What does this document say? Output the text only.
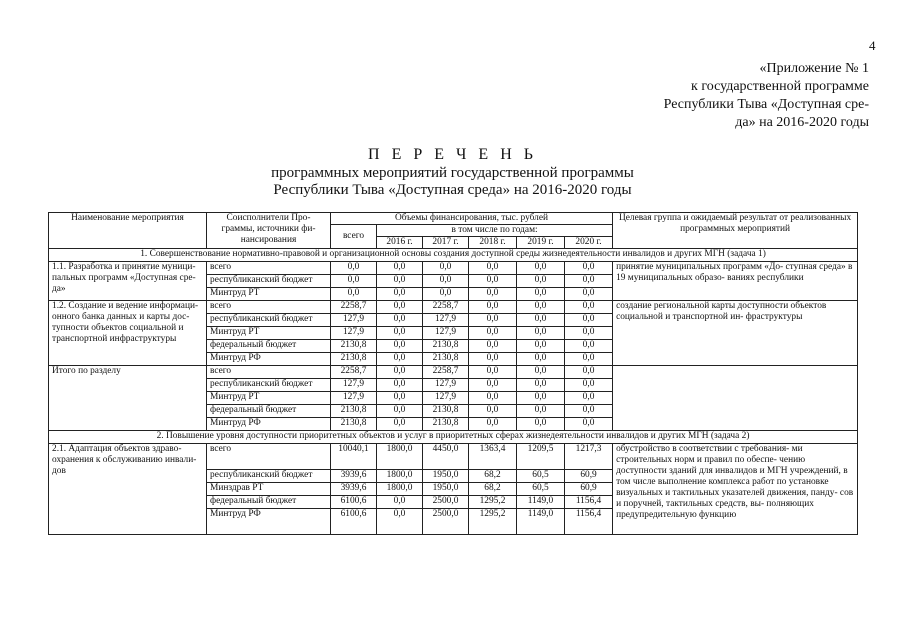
4
«Приложение № 1
к государственной программе
Республики Тыва «Доступная сре-
да» на 2016-2020 годы
П Е Р Е Ч Е Н Ь
программных мероприятий государственной программы
Республики Тыва «Доступная среда» на 2016-2020 годы
Наименование мероприятия	Соисполнители Про- граммы, источники фи- нансирования	Объемы финансирования, тыс. рублей						Целевая группа и ожидаемый результат от реализованных программных мероприятий
		всего	в том числе по годам:					
			2016 г.	2017 г.	2018 г.	2019 г.	2020 г.	
1. Совершенствование нормативно-правовой и организационной основы создания доступной среды жизнедеятельности инвалидов и других МГН (задача 1)								
1.1. Разработка и принятие муници- пальных программ «Доступная сре- да»	всего	0,0	0,0	0,0	0,0	0,0	0,0	принятие муниципальных программ «До- ступная среда» в 19 муниципальных образо- ваниях республики
	республиканский бюджет	0,0	0,0	0,0	0,0	0,0	0,0	
	Минтруд РТ	0,0	0,0	0,0	0,0	0,0	0,0	
1.2. Создание и ведение информаци- онного банка данных и карты дос- тупности объектов социальной и транспортной инфраструктуры	всего	2258,7	0,0	2258,7	0,0	0,0	0,0	создание региональной карты доступности объектов социальной и транспортной ин- фраструктуры
	республиканский бюджет	127,9	0,0	127,9	0,0	0,0	0,0	
	Минтруд РТ	127,9	0,0	127,9	0,0	0,0	0,0	
	федеральный бюджет	2130,8	0,0	2130,8	0,0	0,0	0,0	
	Минтруд РФ	2130,8	0,0	2130,8	0,0	0,0	0,0	
Итого по разделу	всего	2258,7	0,0	2258,7	0,0	0,0	0,0	
	республиканский бюджет	127,9	0,0	127,9	0,0	0,0	0,0	
	Минтруд РТ	127,9	0,0	127,9	0,0	0,0	0,0	
	федеральный бюджет	2130,8	0,0	2130,8	0,0	0,0	0,0	
	Минтруд РФ	2130,8	0,0	2130,8	0,0	0,0	0,0	
2. Повышение уровня доступности приоритетных объектов и услуг в приоритетных сферах жизнедеятельности инвалидов и других МГН (задача 2)								
2.1. Адаптация объектов здраво- охранения к обслуживанию инвали- дов	всего	10040,1	1800,0	4450,0	1363,4	1209,5	1217,3	обустройство в соответствии с требования- ми строительных норм и правил по обеспе- чению доступности зданий для инвалидов и МГН учреждений, в том числе выполнение комплекса работ по установке визуальных и тактильных указателей движения, панду- сов и поручней, тактильных средств, вы- полняющих предупредительную функцию
	республиканский бюджет	3939,6	1800,0	1950,0	68,2	60,5	60,9	
	Минздрав РТ	3939,6	1800,0	1950,0	68,2	60,5	60,9	
	федеральный бюджет	6100,6	0,0	2500,0	1295,2	1149,0	1156,4	
	Минтруд РФ	6100,6	0,0	2500,0	1295,2	1149,0	1156,4	
